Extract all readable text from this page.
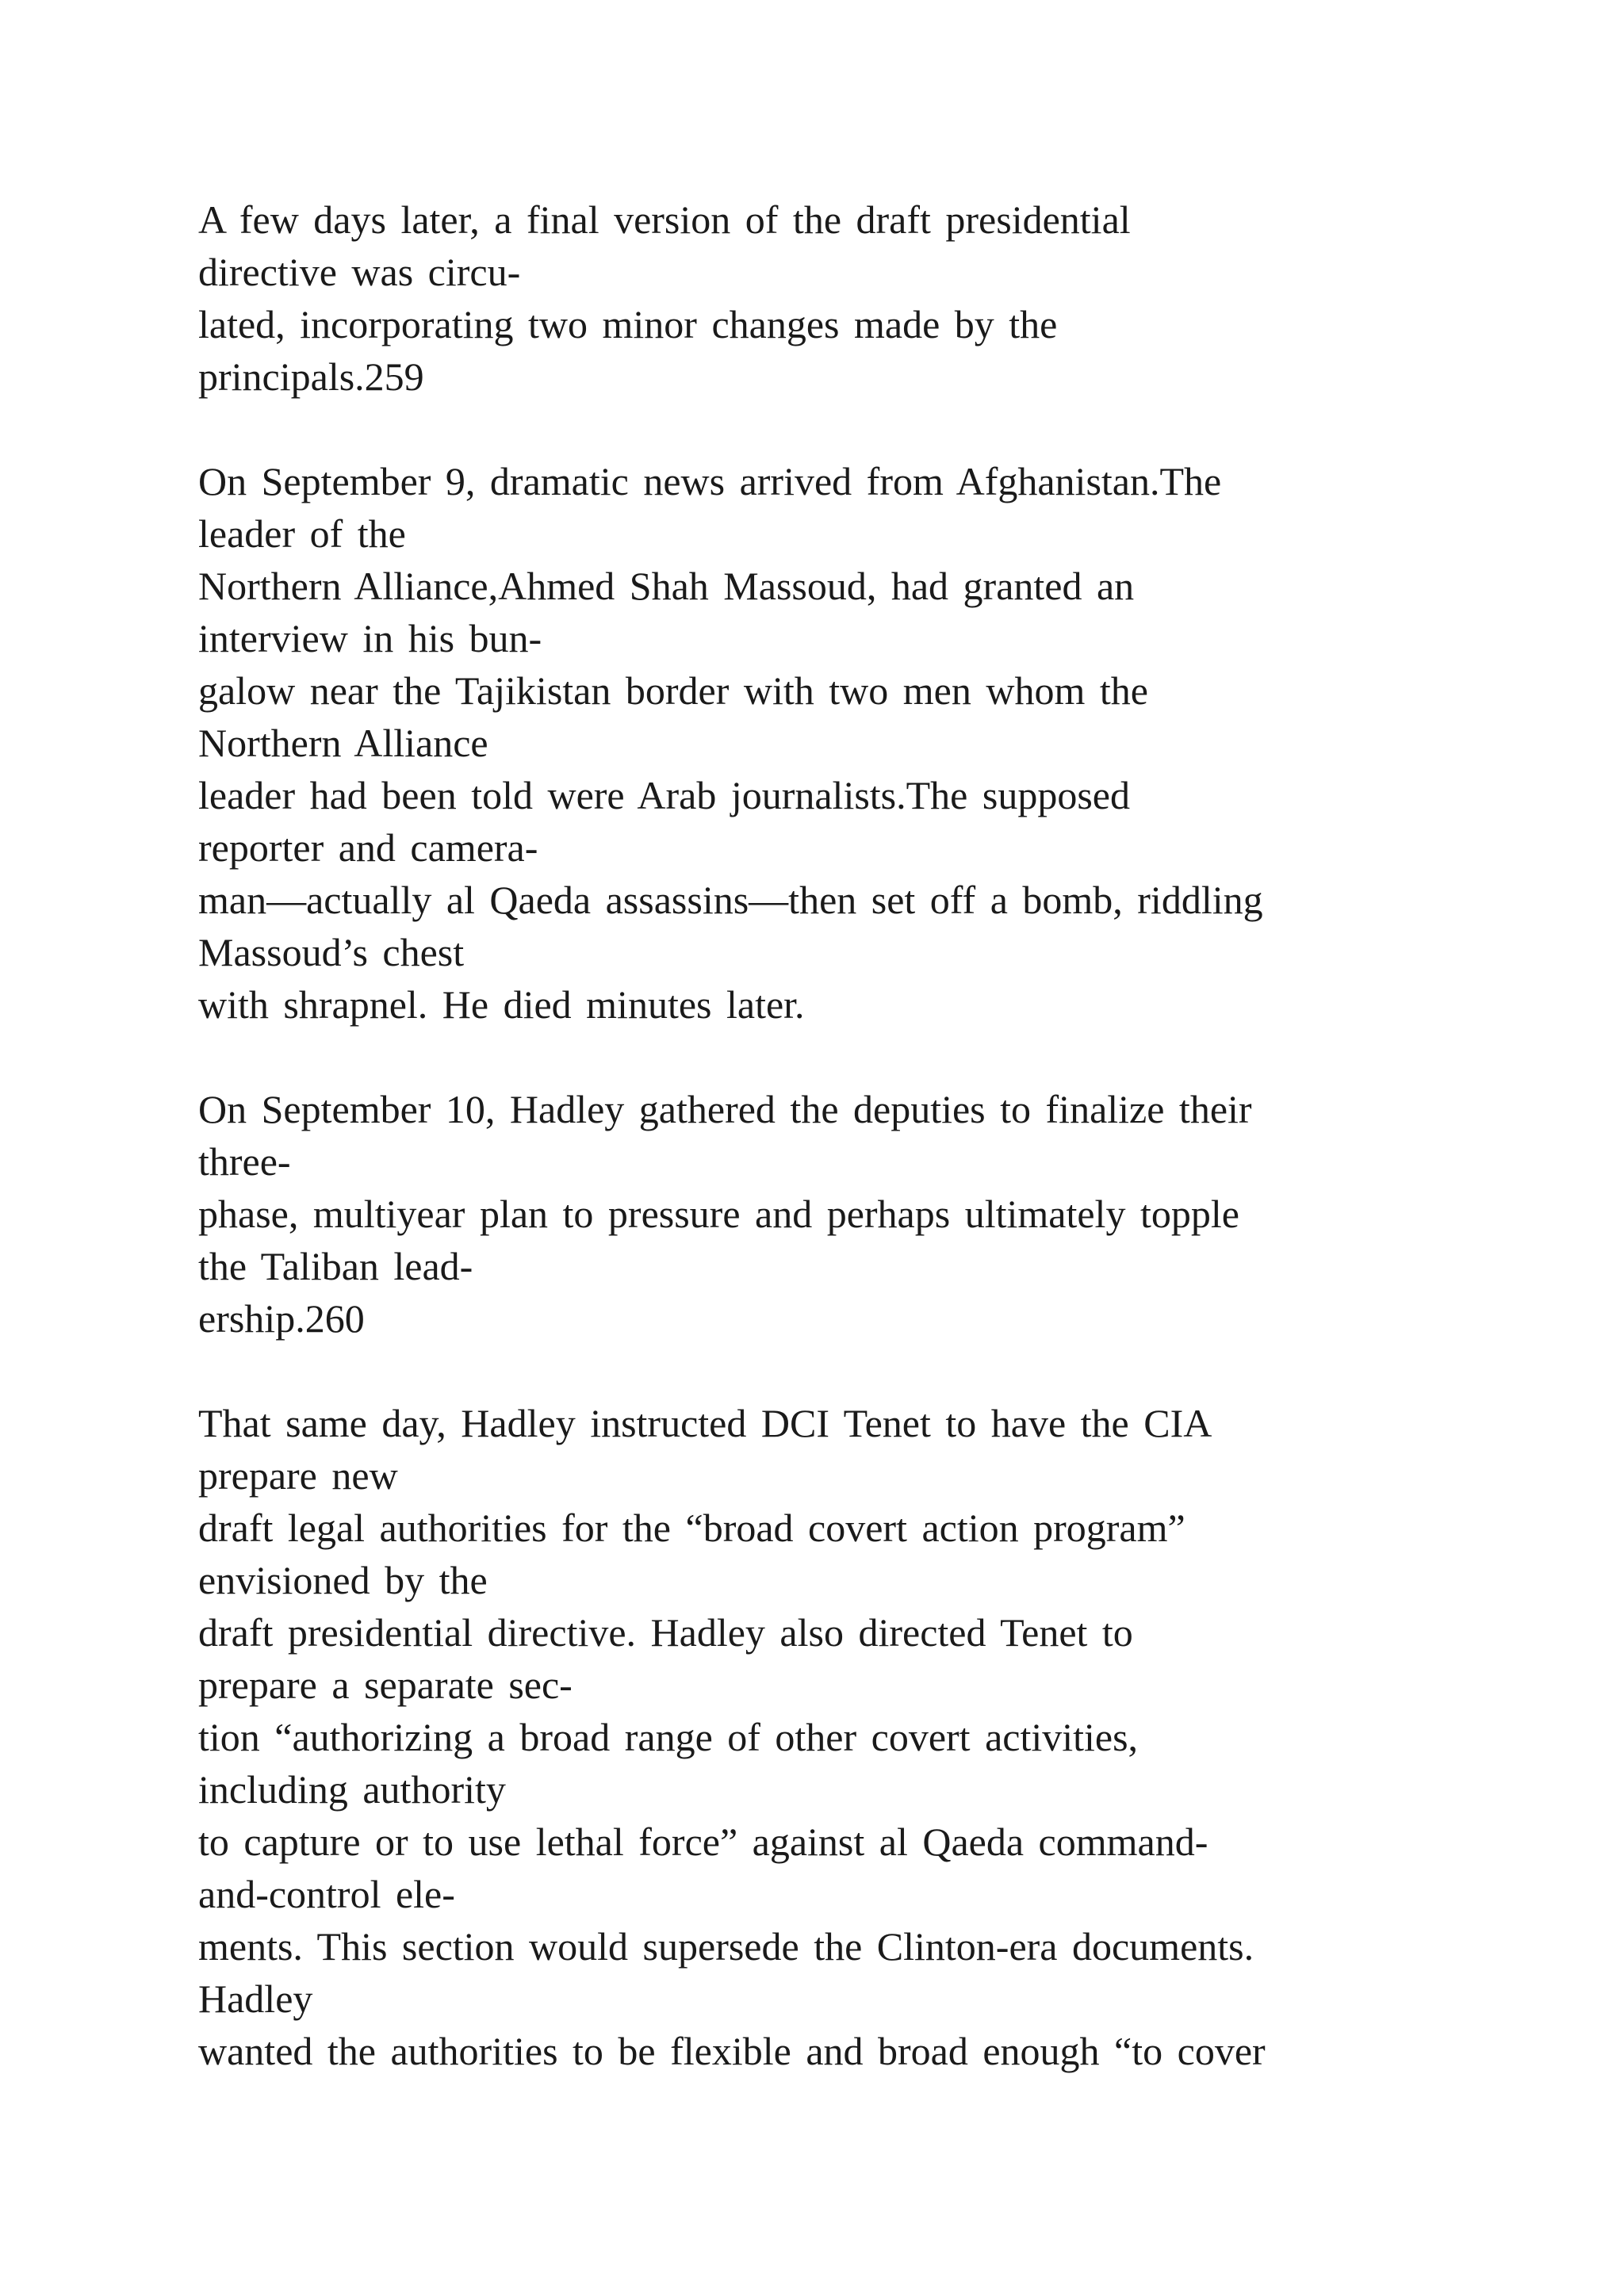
A few days later, a final version of the draft presidential
directive was circu-
lated, incorporating two minor changes made by the
principals.259

On September 9, dramatic news arrived from Afghanistan.The
leader of the
Northern Alliance,Ahmed Shah Massoud, had granted an
interview in his bun-
galow near the Tajikistan border with two men whom the
Northern Alliance
leader had been told were Arab journalists.The supposed
reporter and camera-
man—actually al Qaeda assassins—then set off a bomb, riddling
Massoud’s chest
with shrapnel. He died minutes later.

On September 10, Hadley gathered the deputies to finalize their
three-
phase, multiyear plan to pressure and perhaps ultimately topple
the Taliban lead-
ership.260

That same day, Hadley instructed DCI Tenet to have the CIA
prepare new
draft legal authorities for the “broad covert action program”
envisioned by the
draft presidential directive. Hadley also directed Tenet to
prepare a separate sec-
tion “authorizing a broad range of other covert activities,
including authority
to capture or to use lethal force” against al Qaeda command-
and-control ele-
ments. This section would supersede the Clinton-era documents.
Hadley
wanted the authorities to be flexible and broad enough “to cover
